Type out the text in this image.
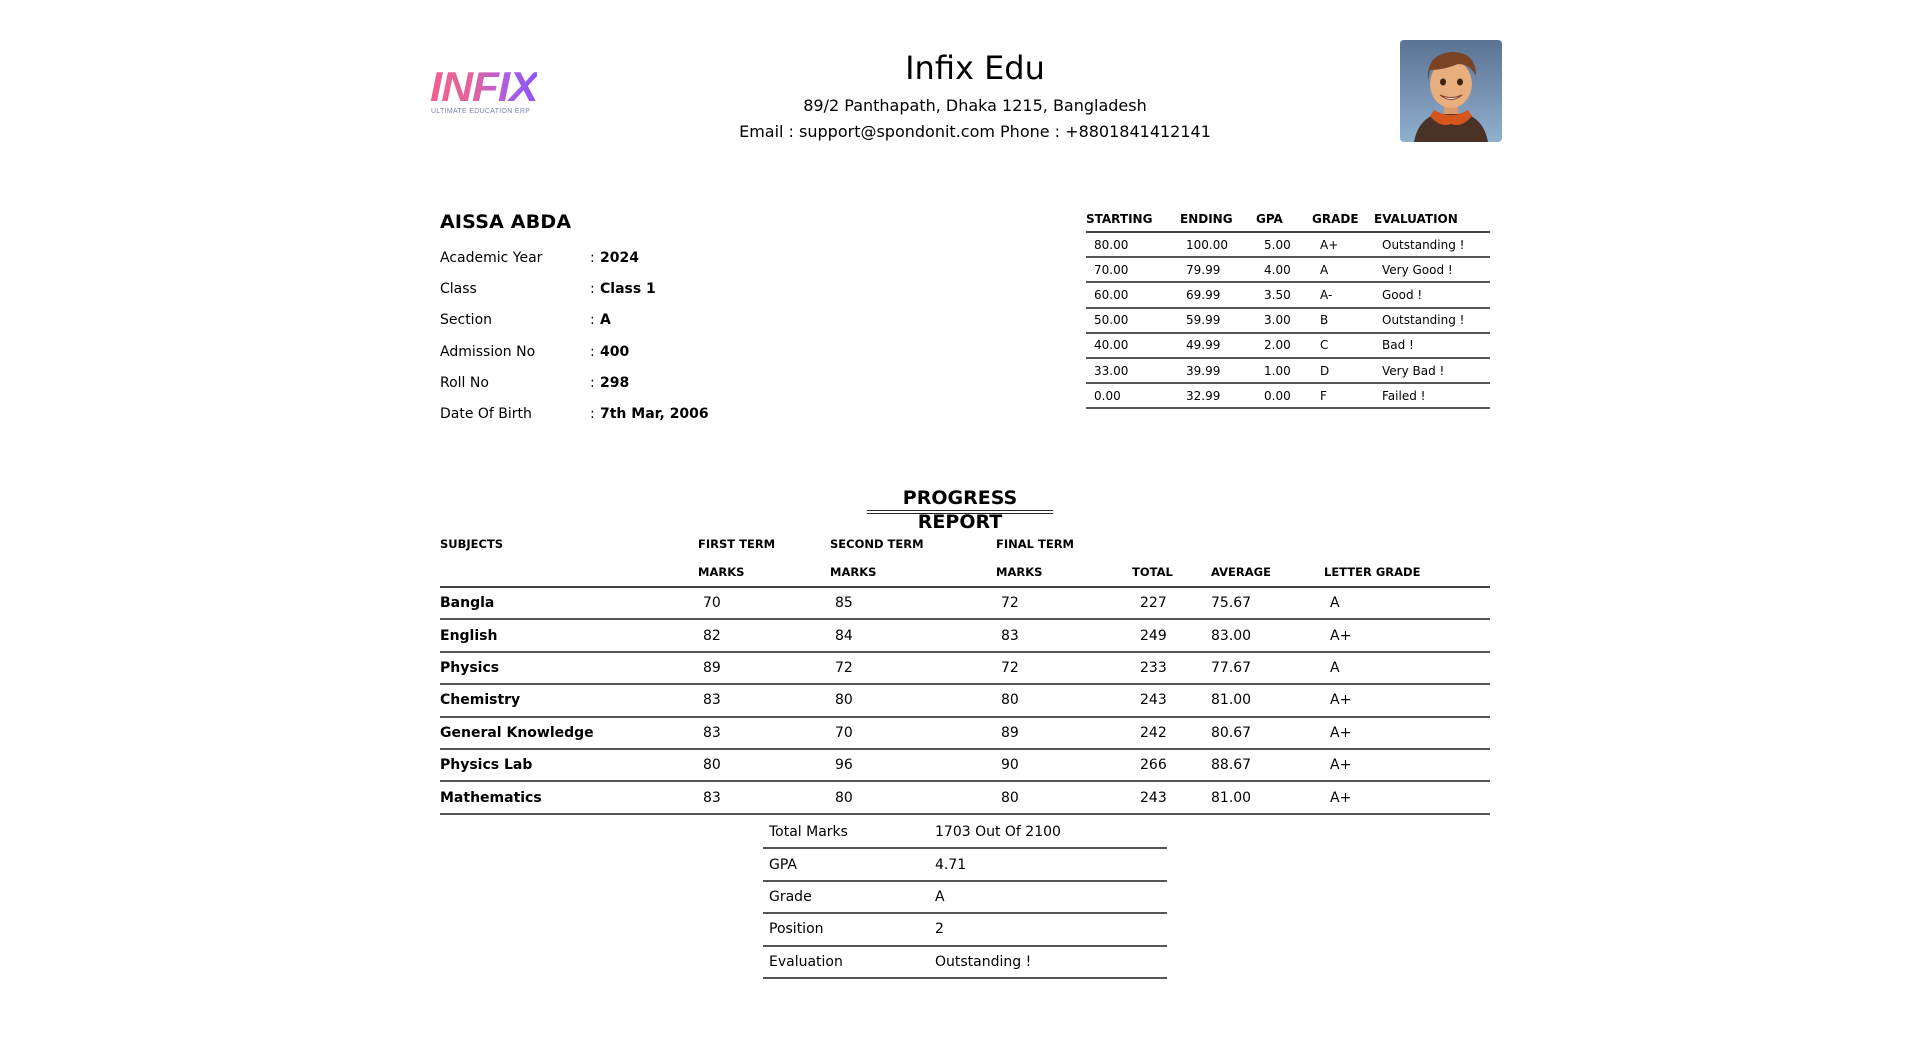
INFIX
ULTIMATE EDUCATION ERP
Infix Edu
89/2 Panthapath, Dhaka 1215, Bangladesh
Email : support@spondonit.com Phone : +8801841412141
AISSA ABDA
Academic Year	: 2024
Class	: Class 1
Section	: A
Admission No	: 400
Roll No	: 298
Date Of Birth	: 7th Mar, 2006
STARTING	ENDING	GPA	GRADE	EVALUATION
80.00	100.00	5.00	A+	Outstanding !
70.00	79.99	4.00	A	Very Good !
60.00	69.99	3.50	A-	Good !
50.00	59.99	3.00	B	Outstanding !
40.00	49.99	2.00	C	Bad !
33.00	39.99	1.00	D	Very Bad !
0.00	32.99	0.00	F	Failed !
PROGRESS REPORT
SUBJECTS	FIRST TERM	SECOND TERM	FINAL TERM			
	MARKS	MARKS	MARKS	TOTAL	AVERAGE	LETTER GRADE
Bangla	70	85	72	227	75.67	A
English	82	84	83	249	83.00	A+
Physics	89	72	72	233	77.67	A
Chemistry	83	80	80	243	81.00	A+
General Knowledge	83	70	89	242	80.67	A+
Physics Lab	80	96	90	266	88.67	A+
Mathematics	83	80	80	243	81.00	A+
Total Marks	1703 Out Of 2100
GPA	4.71
Grade	A
Position	2
Evaluation	Outstanding !
